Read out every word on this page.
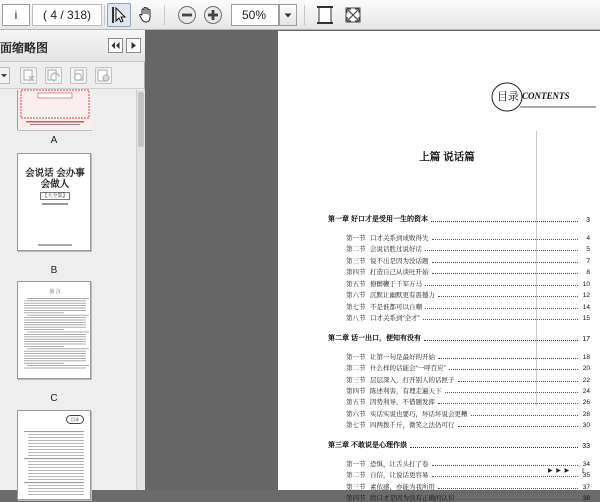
i	( 4 / 318)	50%
面缩略图
A
会说话 会办事
会做人
【大全集】
B
前 言
C
目录
目录 CONTENTS
上篇 说话篇
第一章 好口才是受用一生的资本	3
第一节 口才关系到成败得失	4
第二节 会说话胜过说好话	5
第三节 说不出是因为没话题	7
第四节 打造自己从谈吐开始	8
第五节 撩醉鞭于千军万马	10
第六节 沉默让幽默更有震撼力	12
第七节 不是谁都可以自嘲	14
第八节 口才关系到“全才”	15
第二章 话一出口，便知有没有	17
第一节 让第一句是最好的开始	18
第二节 什么样的话能会“一呼百应”	20
第三节 层层深入，打开别人的话匣子	22
第四节 陈述利害，有理走遍天下	24
第五节 因势利导，不借题发挥	26
第六节 实话实说也要巧，坏话坏说会更糟	28
第七节 四两拨千斤，微笑之法仍可行	30
第三章 不敢说是心理作祟	33
第一节 恐惧，让舌头打了卷	34
第二节 自信，让说话更容易	35
第三节 素依感，亦能为我所用	37
第四节 段口才是因为没有正确的认识	38
▶ ▶ ▶ 1
